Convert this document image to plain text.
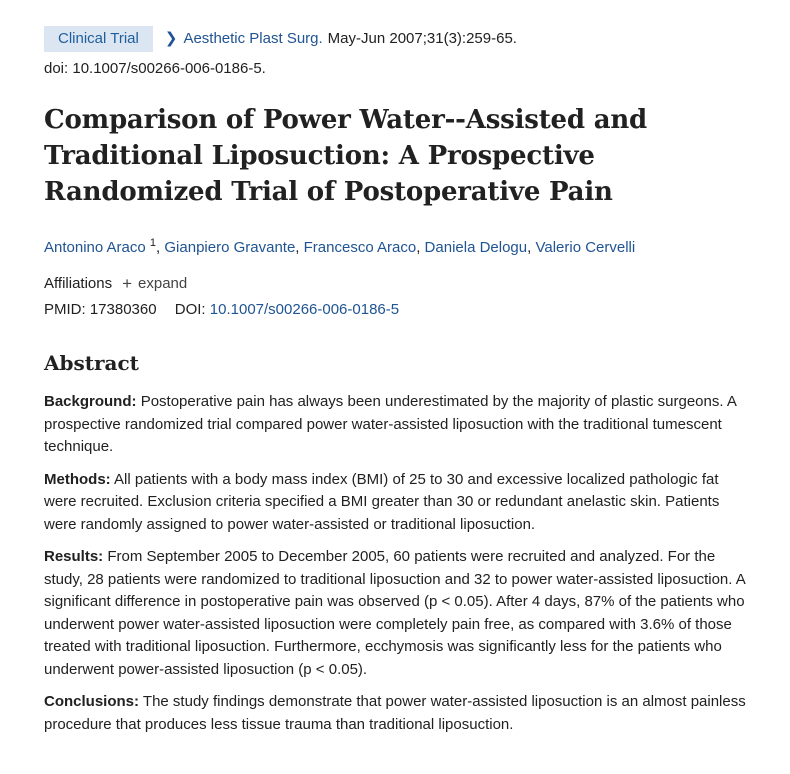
Clinical Trial	❯ Aesthetic Plast Surg. May-Jun 2007;31(3):259-65.
doi: 10.1007/s00266-006-0186-5.
Comparison of Power Water--Assisted and Traditional Liposuction: A Prospective Randomized Trial of Postoperative Pain
Antonino Araco $^1$, Gianpiero Gravante, Francesco Araco, Daniela Delogu, Valerio Cervelli
Affiliations + expand
PMID: 17380360 DOI: 10.1007/s00266-006-0186-5
Abstract

Background: Postoperative pain has always been underestimated by the majority of plastic surgeons. A prospective randomized trial compared power water-assisted liposuction with the traditional tumescent technique.

Methods: All patients with a body mass index (BMI) of 25 to 30 and excessive localized pathologic fat were recruited. Exclusion criteria specified a BMI greater than 30 or redundant anelastic skin. Patients were randomly assigned to power water-assisted or traditional liposuction.

Results: From September 2005 to December 2005, 60 patients were recruited and analyzed. For the study, 28 patients were randomized to traditional liposuction and 32 to power water-assisted liposuction. A significant difference in postoperative pain was observed (p < 0.05). After 4 days, 87% of the patients who underwent power water-assisted liposuction were completely pain free, as compared with 3.6% of those treated with traditional liposuction. Furthermore, ecchymosis was significantly less for the patients who underwent power-assisted liposuction (p < 0.05).

Conclusions: The study findings demonstrate that power water-assisted liposuction is an almost painless procedure that produces less tissue trauma than traditional liposuction.
